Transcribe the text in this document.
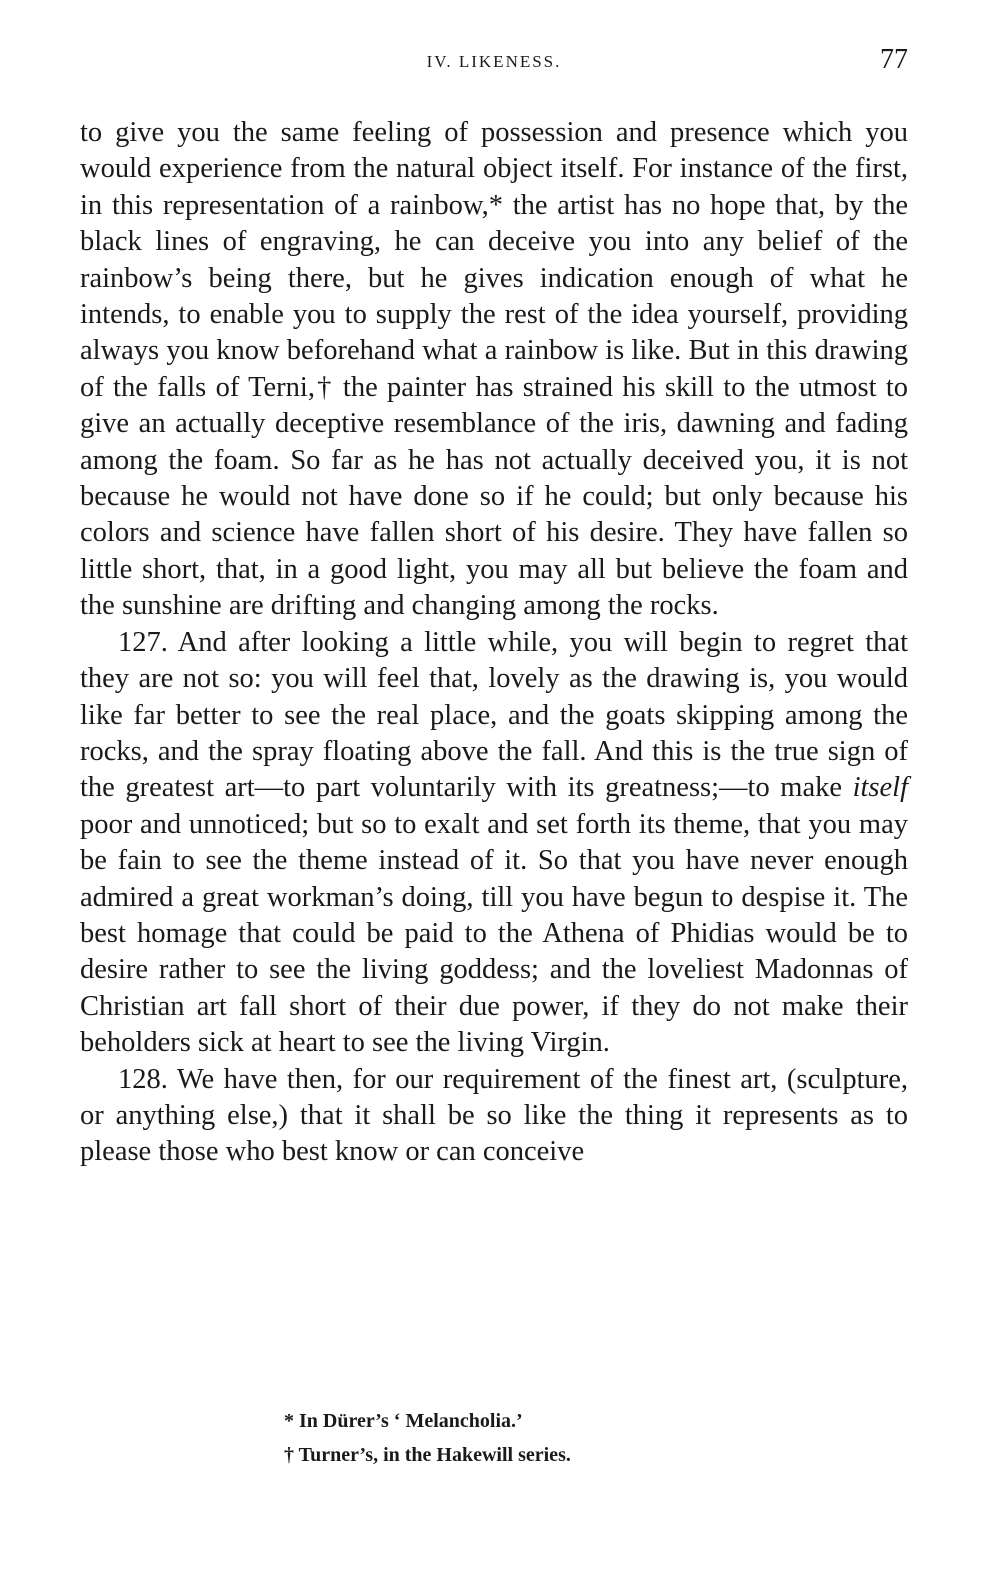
IV. LIKENESS.	77

to give you the same feeling of possession and presence which you would experience from the natural object itself. For instance of the first, in this representation of a rainbow,* the artist has no hope that, by the black lines of engraving, he can deceive you into any belief of the rainbow’s being there, but he gives indication enough of what he intends, to enable you to supply the rest of the idea yourself, providing always you know beforehand what a rainbow is like. But in this drawing of the falls of Terni,† the painter has strained his skill to the utmost to give an actually deceptive resemblance of the iris, dawning and fading among the foam. So far as he has not actually deceived you, it is not because he would not have done so if he could; but only because his colors and science have fallen short of his desire. They have fallen so little short, that, in a good light, you may all but believe the foam and the sunshine are drifting and changing among the rocks.

127. And after looking a little while, you will begin to regret that they are not so: you will feel that, lovely as the drawing is, you would like far better to see the real place, and the goats skipping among the rocks, and the spray floating above the fall. And this is the true sign of the greatest art—to part voluntarily with its greatness;—to make itself poor and unnoticed; but so to exalt and set forth its theme, that you may be fain to see the theme instead of it. So that you have never enough admired a great workman’s doing, till you have begun to despise it. The best homage that could be paid to the Athena of Phidias would be to desire rather to see the living goddess; and the loveliest Madonnas of Christian art fall short of their due power, if they do not make their beholders sick at heart to see the living Virgin.

128. We have then, for our requirement of the finest art, (sculpture, or anything else,) that it shall be so like the thing it represents as to please those who best know or can conceive

* In Dürer’s ‘ Melancholia.’
† Turner’s, in the Hakewill series.
